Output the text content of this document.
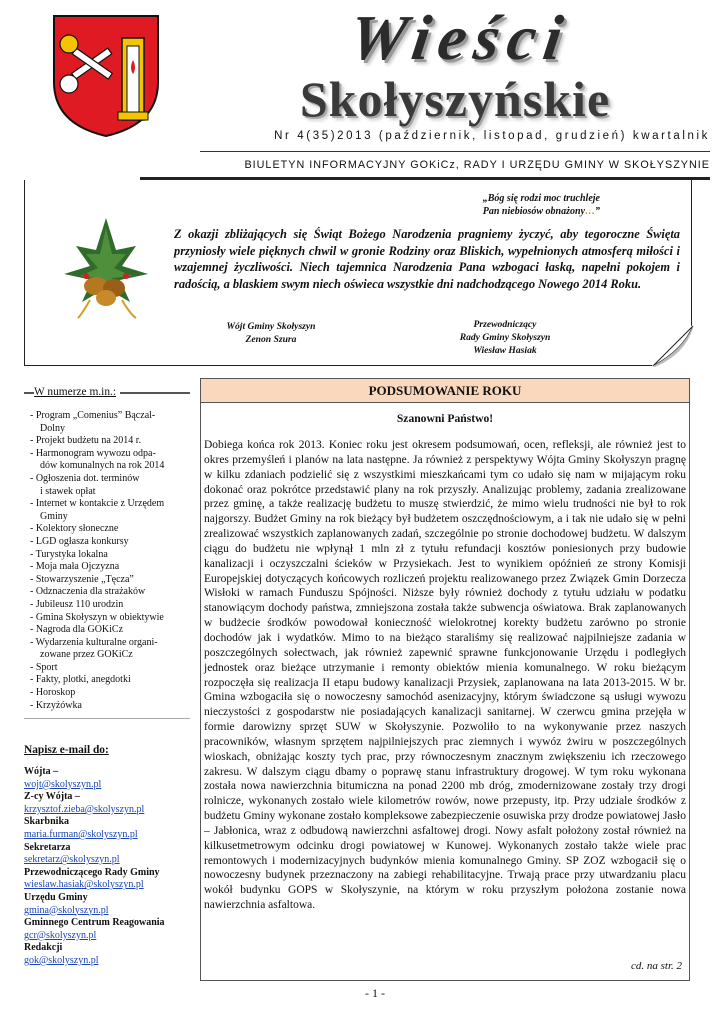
Wieści
Skołyszyńskie
Nr 4(35)2013 (październik, listopad, grudzień) kwartalnik
BIULETYN INFORMACYJNY GOKiCz, RADY I URZĘDU GMINY W SKOŁYSZYNIE
„Bóg się rodzi moc truchleje
Pan niebiosów obnażony…”
Z okazji zbliżających się Świąt Bożego Narodzenia pragniemy życzyć, aby tegoroczne Święta przyniosły wiele pięknych chwil w gronie Rodziny oraz Bliskich, wypełnionych atmosferą miłości i wzajemnej życzliwości. Niech tajemnica Narodzenia Pana wzbogaci łaską, napełni pokojem i radością, a blaskiem swym niech oświeca wszystkie dni nadchodzącego Nowego 2014 Roku.
Wójt Gminy Skołyszyn
Zenon Szura
Przewodniczący
Rady Gminy Skołyszyn
Wiesław Hasiak
W numerze m.in.:
- Program „Comenius” Bączal-
Dolny
- Projekt budżetu na 2014 r.
- Harmonogram wywozu odpa-
dów komunalnych na rok 2014
- Ogłoszenia dot. terminów
i stawek opłat
- Internet w kontakcie z Urzędem
Gminy
- Kolektory słoneczne
- LGD ogłasza konkursy
- Turystyka lokalna
- Moja mała Ojczyzna
- Stowarzyszenie „Tęcza”
- Odznaczenia dla strażaków
- Jubileusz 110 urodzin
- Gmina Skołyszyn w obiektywie
- Nagroda dla GOKiCz
- Wydarzenia kulturalne organi-
zowane przez GOKiCz
- Sport
- Fakty, plotki, anegdotki
- Horoskop
- Krzyżówka
Napisz e-mail do:
Wójta –
wojt@skolyszyn.pl
Z-cy Wójta –
krzysztof.zieba@skolyszyn.pl
Skarbnika
maria.furman@skolyszyn.pl
Sekretarza
sekretarz@skolyszyn.pl
Przewodniczącego Rady Gminy
wieslaw.hasiak@skolyszyn.pl
Urzędu Gminy
gmina@skolyszyn.pl
Gminnego Centrum Reagowania
gcr@skolyszyn.pl
Redakcji
gok@skolyszyn.pl
PODSUMOWANIE ROKU
Szanowni Państwo!
Dobiega końca rok 2013. Koniec roku jest okresem podsumowań, ocen, refleksji, ale również jest to okres przemyśleń i planów na lata następne. Ja również z perspektywy Wójta Gminy Skołyszyn pragnę w kilku zdaniach podzielić się z wszystkimi mieszkańcami tym co udało się nam w mijającym roku dokonać oraz pokrótce przedstawić plany na rok przyszły. Analizując problemy, zadania zrealizowane przez gminę, a także realizację budżetu to muszę stwierdzić, że mimo wielu trudności nie był to rok najgorszy. Budżet Gminy na rok bieżący był budżetem oszczędnościowym, a i tak nie udało się w pełni zrealizować wszystkich zaplanowanych zadań, szczególnie po stronie dochodowej budżetu. W dalszym ciągu do budżetu nie wpłynął 1 mln zł z tytułu refundacji kosztów poniesionych przy budowie kanalizacji i oczyszczalni ścieków w Przysiekach. Jest to wynikiem opóźnień ze strony Komisji Europejskiej dotyczących końcowych rozliczeń projektu realizowanego przez Związek Gmin Dorzecza Wisłoki w ramach Funduszu Spójności. Niższe były również dochody z tytułu udziału w podatku stanowiącym dochody państwa, zmniejszona została także subwencja oświatowa. Brak zaplanowanych w budżecie środków powodował konieczność wielokrotnej korekty budżetu zarówno po stronie dochodów jak i wydatków. Mimo to na bieżąco staraliśmy się realizować najpilniejsze zadania w poszczególnych sołectwach, jak również zapewnić sprawne funkcjonowanie Urzędu i podległych jednostek oraz bieżące utrzymanie i remonty obiektów mienia komunalnego. W roku bieżącym rozpoczęła się realizacja II etapu budowy kanalizacji Przysiek, zaplanowana na lata 2013-2015. W br. Gmina wzbogaciła się o nowoczesny samochód asenizacyjny, którym świadczone są usługi wywozu nieczystości z gospodarstw nie posiadających kanalizacji sanitarnej. W czerwcu gmina przejęła w formie darowizny sprzęt SUW w Skołyszynie. Pozwoliło to na wykonywanie przez naszych pracowników, własnym sprzętem najpilniejszych prac ziemnych i wywóz żwiru w poszczególnych wioskach, obniżając koszty tych prac, przy równoczesnym znacznym zwiększeniu ich rzeczowego zakresu. W dalszym ciągu dbamy o poprawę stanu infrastruktury drogowej. W tym roku wykonana została nowa nawierzchnia bitumiczna na ponad 2200 mb dróg, zmodernizowane zostały trzy drogi rolnicze, wykonanych zostało wiele kilometrów rowów, nowe przepusty, itp. Przy udziale środków z budżetu Gminy wykonane zostało kompleksowe zabezpieczenie osuwiska przy drodze powiatowej Jasło – Jabłonica, wraz z odbudową nawierzchni asfaltowej drogi. Nowy asfalt położony został również na kilkusetmetrowym odcinku drogi powiatowej w Kunowej. Wykonanych zostało także wiele prac remontowych i modernizacyjnych budynków mienia komunalnego Gminy. SP ZOZ wzbogacił się o nowoczesny budynek przeznaczony na zabiegi rehabilitacyjne. Trwają prace przy utwardzaniu placu wokół budynku GOPS w Skołyszynie, na którym w roku przyszłym położona zostanie nowa nawierzchnia asfaltowa.
cd. na str. 2
- 1 -
